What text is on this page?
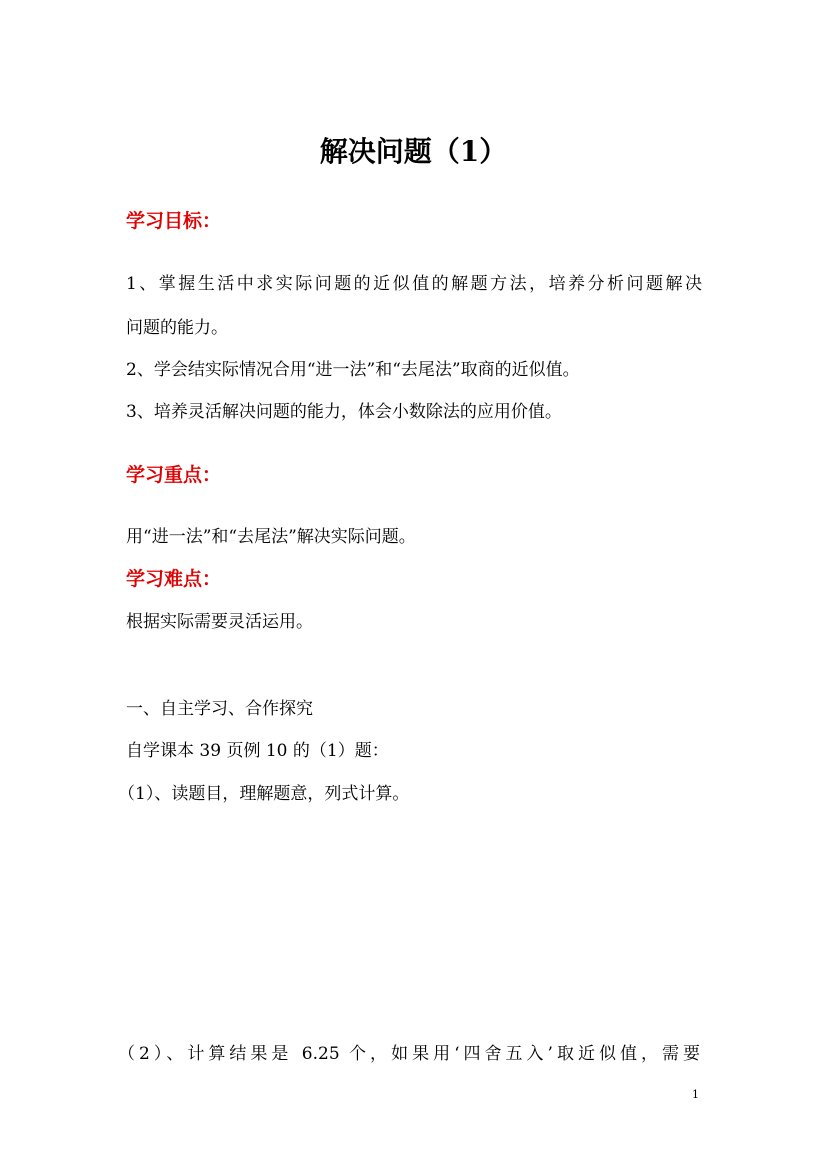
解决问题（1）
学习目标：
1、掌握生活中求实际问题的近似值的解题方法，培养分析问题解决
问题的能力。
2、学会结实际情况合用“进一法”和“去尾法”取商的近似值。
3、培养灵活解决问题的能力，体会小数除法的应用价值。
学习重点：
用“进一法”和“去尾法”解决实际问题。
学习难点：
根据实际需要灵活运用。
一、自主学习、合作探究
自学课本 39 页例 10 的（1）题：
（1）、读题目，理解题意，列式计算。
（2）、计算结果是 6.25 个，如果用‘四舍五入’取近似值，需要
1
